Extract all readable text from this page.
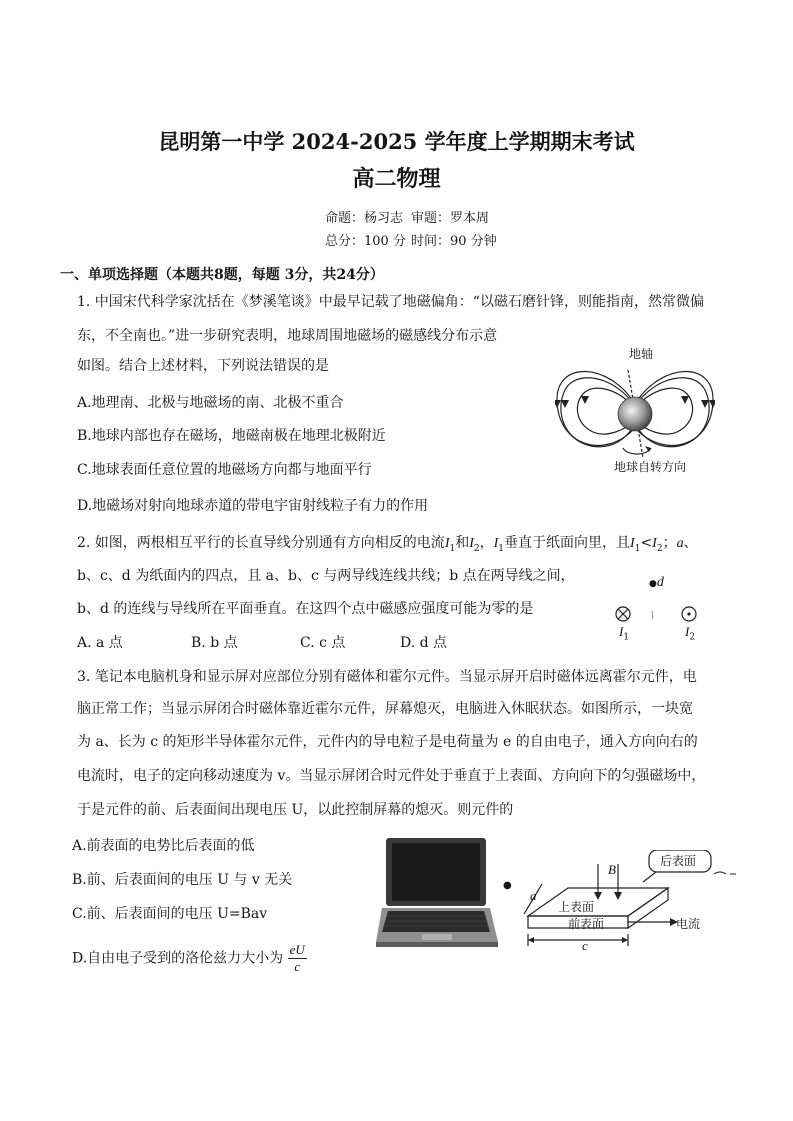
昆明第一中学 2024-2025 学年度上学期期末考试
高二物理
命题：杨习志 审题：罗本周
总分：100 分 时间：90 分钟
一、单项选择题（本题共8题，每题 3分，共24分）
1. 中国宋代科学家沈括在《梦溪笔谈》中最早记载了地磁偏角：“以磁石磨针锋，则能指南，然常微偏
东，不全南也。”进一步研究表明，地球周围地磁场的磁感线分布示意
如图。结合上述材料，下列说法错误的是
A.地理南、北极与地磁场的南、北极不重合
B.地球内部也存在磁场，地磁南极在地理北极附近
C.地球表面任意位置的地磁场方向都与地面平行
D.地磁场对射向地球赤道的带电宇宙射线粒子有力的作用
地轴
地球自转方向
2. 如图，两根相互平行的长直导线分别通有方向相反的电流$I_1$和$I_2$，$I_1$垂直于纸面向里，且$I_1<I_2$；a、
b、c、d 为纸面内的四点，且 a、b、c 与两导线连线共线；b 点在两导线之间，
b、d 的连线与导线所在平面垂直。在这四个点中磁感应强度可能为零的是
A. a 点	B. b 点	C. c 点	D. d 点
●d
$I_1$	$I_2$
3. 笔记本电脑机身和显示屏对应部位分别有磁体和霍尔元件。当显示屏开启时磁体远离霍尔元件，电
脑正常工作；当显示屏闭合时磁体靠近霍尔元件，屏幕熄灭，电脑进入休眠状态。如图所示，一块宽
为 a、长为 c 的矩形半导体霍尔元件，元件内的导电粒子是电荷量为 e 的自由电子，通入方向向右的
电流时，电子的定向移动速度为 v。当显示屏闭合时元件处于垂直于上表面、方向向下的匀强磁场中，
于是元件的前、后表面间出现电压 U，以此控制屏幕的熄灭。则元件的
A.前表面的电势比后表面的低
B.前、后表面间的电压 U 与 v 无关
C.前、后表面间的电压 U=Bav
D.自由电子受到的洛伦兹力大小为 $\frac{eU}{c}$
●
后表面
B
a
上表面
前表面	电流
c
